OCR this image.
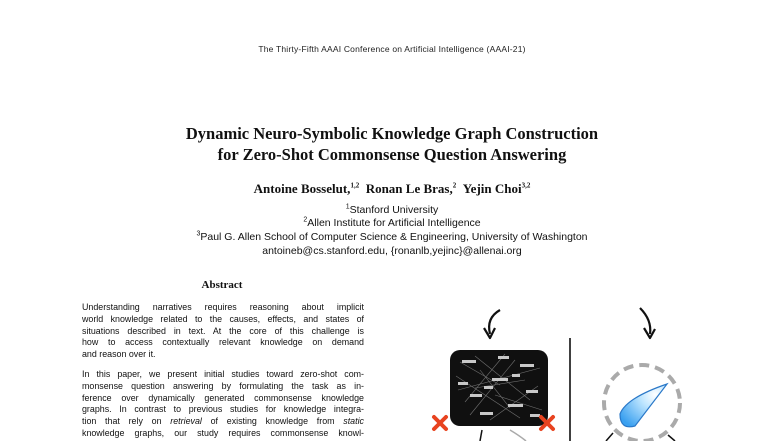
The Thirty-Fifth AAAI Conference on Artificial Intelligence (AAAI-21)
Dynamic Neuro-Symbolic Knowledge Graph Construction
for Zero-Shot Commonsense Question Answering
Antoine Bosselut,$^{1,2}$ Ronan Le Bras,$^2$ Yejin Choi$^{3,2}$
$^1$Stanford University
$^2$Allen Institute for Artificial Intelligence
$^3$Paul G. Allen School of Computer Science & Engineering, University of Washington
antoineb@cs.stanford.edu, {ronanlb,yejinc}@allenai.org
Abstract
Understanding narratives requires reasoning about implicit
world knowledge related to the causes, effects, and states of
situations described in text. At the core of this challenge is
how to access contextually relevant knowledge on demand
and reason over it.
In this paper, we present initial studies toward zero-shot com-
monsense question answering by formulating the task as in-
ference over dynamically generated commonsense knowledge
graphs. In contrast to previous studies for knowledge integra-
tion that rely on retrieval of existing knowledge from static
knowledge graphs, our study requires commonsense knowl-
